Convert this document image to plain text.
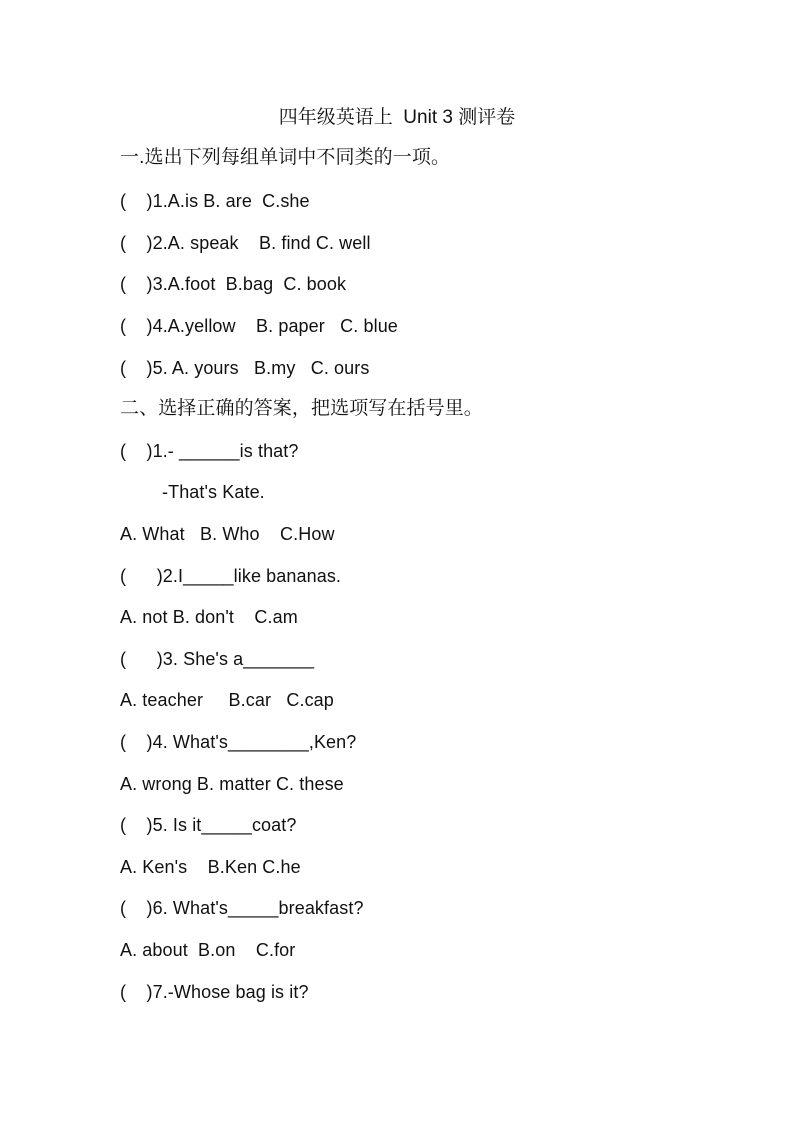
四年级英语上  Unit 3 测评卷
一.选出下列每组单词中不同类的一项。
(    )1.A.is B. are  C.she
(    )2.A. speak    B. find C. well
(    )3.A.foot  B.bag  C. book
(    )4.A.yellow    B. paper   C. blue
(    )5. A. yours   B.my   C. ours
二、选择正确的答案，把选项写在括号里。
(    )1.- ______is that?
-That's Kate.
A. What   B. Who    C.How
(      )2.I_____like bananas.
A. not B. don't    C.am
(      )3. She's a_______
A. teacher     B.car   C.cap
(    )4. What's________,Ken?
A. wrong B. matter C. these
(    )5. Is it_____coat?
A. Ken's    B.Ken C.he
(    )6. What's_____breakfast?
A. about  B.on    C.for
(    )7.-Whose bag is it?
